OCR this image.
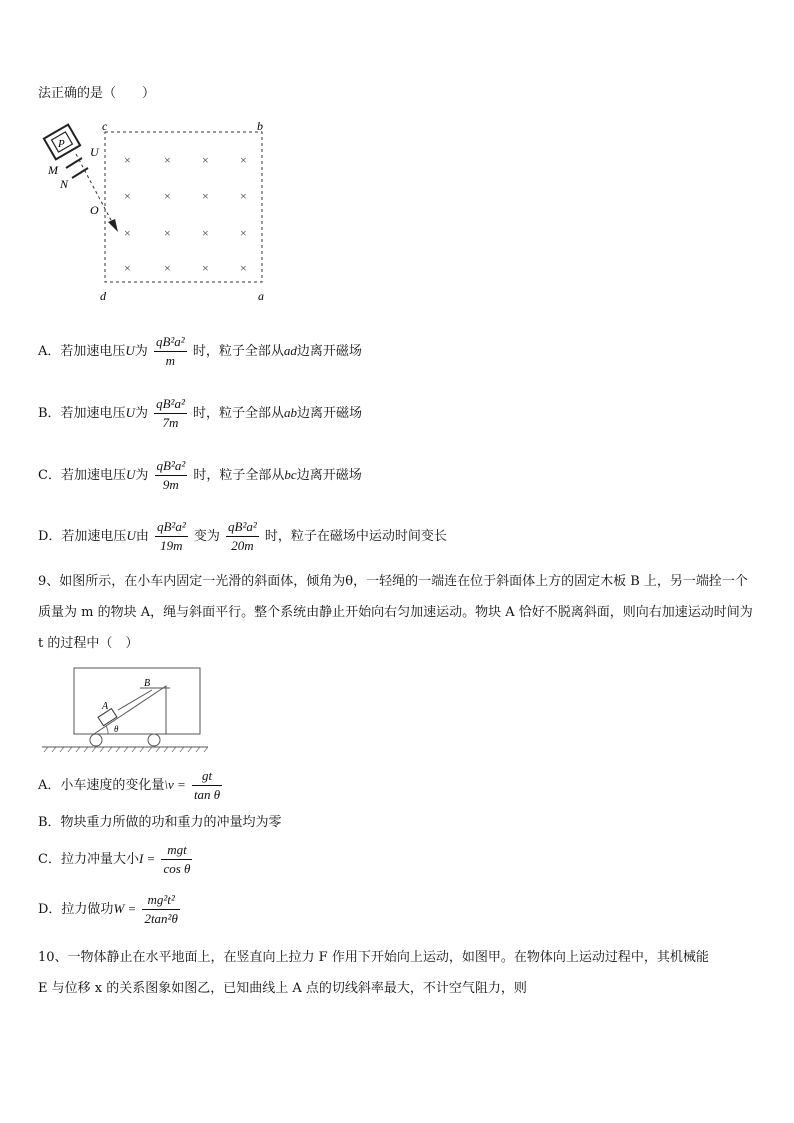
法正确的是（　　）
c	b
d	a
×	×	×	×
×	×	×	×
×	×	×	×
×	×	×	×
P
U
M
N
O
A．若加速电压U为 $\frac{\text{qB²a²}}{m}$ 时，粒子全部从ad边离开磁场
B．若加速电压U为 $\frac{\text{qB²a²}}{7m}$ 时，粒子全部从ab边离开磁场
C．若加速电压U为 $\frac{\text{qB²a²}}{9m}$ 时，粒子全部从bc边离开磁场
D．若加速电压U由 $\frac{\text{qB²a²}}{19m}$ 变为 $\frac{\text{qB²a²}}{20m}$ 时，粒子在磁场中运动时间变长
9、如图所示，在小车内固定一光滑的斜面体，倾角为θ，一轻绳的一端连在位于斜面体上方的固定木板 B 上，另一端拴一个质量为 m 的物块 A，绳与斜面平行。整个系统由静止开始向右匀加速运动。物块 A 恰好不脱离斜面，则向右加速运动时间为 t 的过程中（　）
A
B
θ
A．小车速度的变化量\v = $\frac{gt}{\text{tan θ}}$
B．物块重力所做的功和重力的冲量均为零
C．拉力冲量大小$I = \frac{\text{mgt}}{\text{cos θ}}$
D．拉力做功$W = \frac{\text{mg²t²}}{\text{2tan²θ}}$
10、一物体静止在水平地面上，在竖直向上拉力 F 作用下开始向上运动，如图甲。在物体向上运动过程中，其机械能
E 与位移 x 的关系图象如图乙，已知曲线上 A 点的切线斜率最大，不计空气阻力，则
